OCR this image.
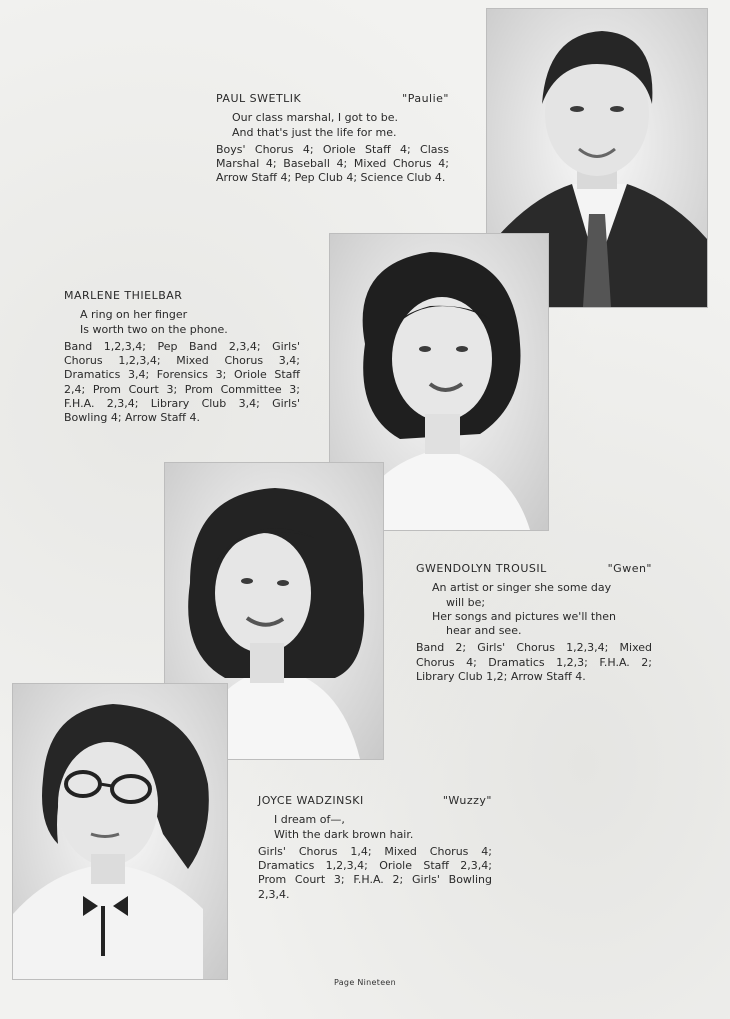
PAUL SWETLIK	"Paulie"
Our class marshal, I got to be.
And that's just the life for me.
Boys' Chorus 4; Oriole Staff 4; Class Marshal 4; Baseball 4; Mixed Chorus 4; Arrow Staff 4; Pep Club 4; Science Club 4.
MARLENE THIELBAR
A ring on her finger
Is worth two on the phone.
Band 1,2,3,4; Pep Band 2,3,4; Girls' Chorus 1,2,3,4; Mixed Chorus 3,4; Dramatics 3,4; Forensics 3; Oriole Staff 2,4; Prom Court 3; Prom Committee 3; F.H.A. 2,3,4; Library Club 3,4; Girls' Bowling 4; Arrow Staff 4.
GWENDOLYN TROUSIL	"Gwen"
An artist or singer she some day
will be;
Her songs and pictures we'll then
hear and see.
Band 2; Girls' Chorus 1,2,3,4; Mixed Chorus 4; Dramatics 1,2,3; F.H.A. 2; Library Club 1,2; Arrow Staff 4.
JOYCE WADZINSKI	"Wuzzy"
I dream of—,
With the dark brown hair.
Girls' Chorus 1,4; Mixed Chorus 4; Dramatics 1,2,3,4; Oriole Staff 2,3,4; Prom Court 3; F.H.A. 2; Girls' Bowling 2,3,4.
Page Nineteen
